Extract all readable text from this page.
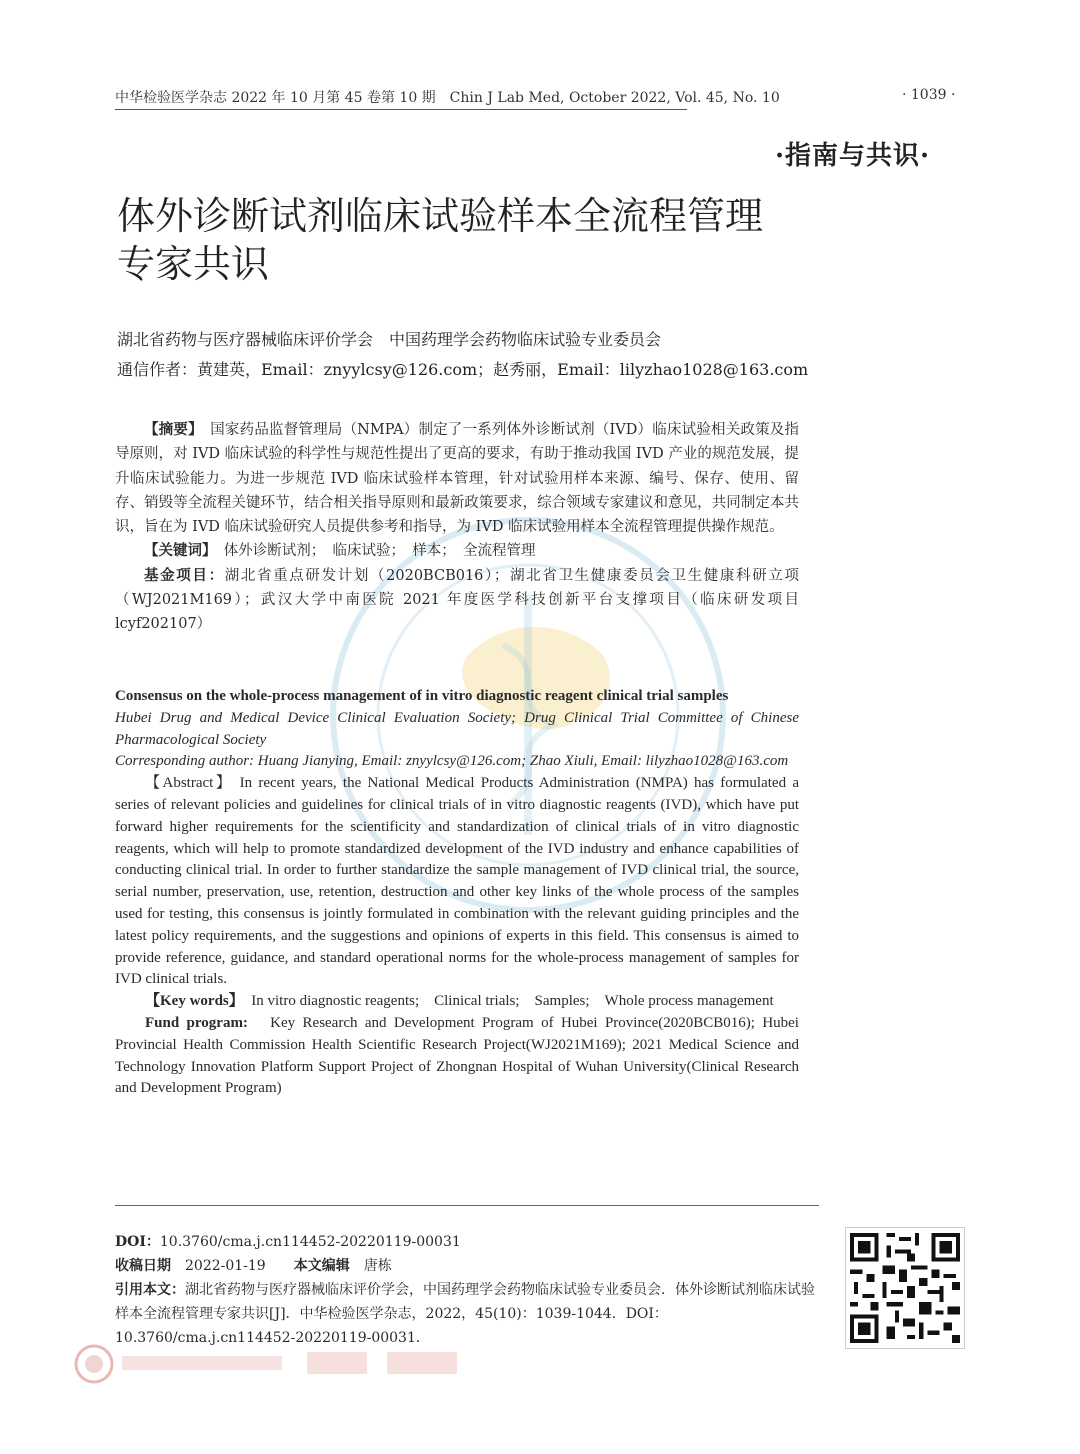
中华检验医学杂志 2022 年 10 月第 45 卷第 10 期　Chin J Lab Med, October 2022, Vol. 45, No. 10	· 1039 ·
·指南与共识·
体外诊断试剂临床试验样本全流程管理
专家共识
湖北省药物与医疗器械临床评价学会　中国药理学会药物临床试验专业委员会
通信作者：黄建英，Email：znyylcsy@126.com；赵秀丽，Email：lilyzhao1028@163.com

【摘要】　 国家药品监督管理局（NMPA）制定了一系列体外诊断试剂（IVD）临床试验相关政策及指导原则，对 IVD 临床试验的科学性与规范性提出了更高的要求，有助于推动我国 IVD 产业的规范发展，提升临床试验能力。为进一步规范 IVD 临床试验样本管理，针对试验用样本来源、编号、保存、使用、留存、销毁等全流程关键环节，结合相关指导原则和最新政策要求，综合领域专家建议和意见，共同制定本共识，旨在为 IVD 临床试验研究人员提供参考和指导，为 IVD 临床试验用样本全流程管理提供操作规范。

【关键词】　 体外诊断试剂；　临床试验；　样本；　全流程管理

基金项目：湖北省重点研发计划（2020BCB016）；湖北省卫生健康委员会卫生健康科研立项（WJ2021M169）；武汉大学中南医院 2021 年度医学科技创新平台支撑项目（临床研发项目 lcyf202107）

Consensus on the whole-process management of in vitro diagnostic reagent clinical trial samples

Hubei Drug and Medical Device Clinical Evaluation Society; Drug Clinical Trial Committee of Chinese Pharmacological Society

Corresponding author: Huang Jianying, Email: znyylcsy@126.com; Zhao Xiuli, Email: lilyzhao1028@163.com

【Abstract】 In recent years, the National Medical Products Administration (NMPA) has formulated a series of relevant policies and guidelines for clinical trials of in vitro diagnostic reagents (IVD), which have put forward higher requirements for the scientificity and standardization of clinical trials of in vitro diagnostic reagents, which will help to promote standardized development of the IVD industry and enhance capabilities of conducting clinical trial. In order to further standardize the sample management of IVD clinical trial, the source, serial number, preservation, use, retention, destruction and other key links of the whole process of the samples used for testing, this consensus is jointly formulated in combination with the relevant guiding principles and the latest policy requirements, and the suggestions and opinions of experts in this field. This consensus is aimed to provide reference, guidance, and standard operational norms for the whole-process management of samples for IVD clinical trials.

【Key words】　 In vitro diagnostic reagents;　Clinical trials;　Samples;　Whole process management

Fund program:　 Key Research and Development Program of Hubei Province(2020BCB016); Hubei Provincial Health Commission Health Scientific Research Project(WJ2021M169); 2021 Medical Science and Technology Innovation Platform Support Project of Zhongnan Hospital of Wuhan University(Clinical Research and Development Program)

DOI：10.3760/cma.j.cn114452-20220119-00031

收稿日期　 2022-01-19　　 本文编辑　 唐栋

引用本文：湖北省药物与医疗器械临床评价学会，中国药理学会药物临床试验专业委员会．体外诊断试剂临床试验样本全流程管理专家共识[J]．中华检验医学杂志，2022，45(10)：1039-1044．DOI：10.3760/cma.j.cn114452-20220119-00031．
